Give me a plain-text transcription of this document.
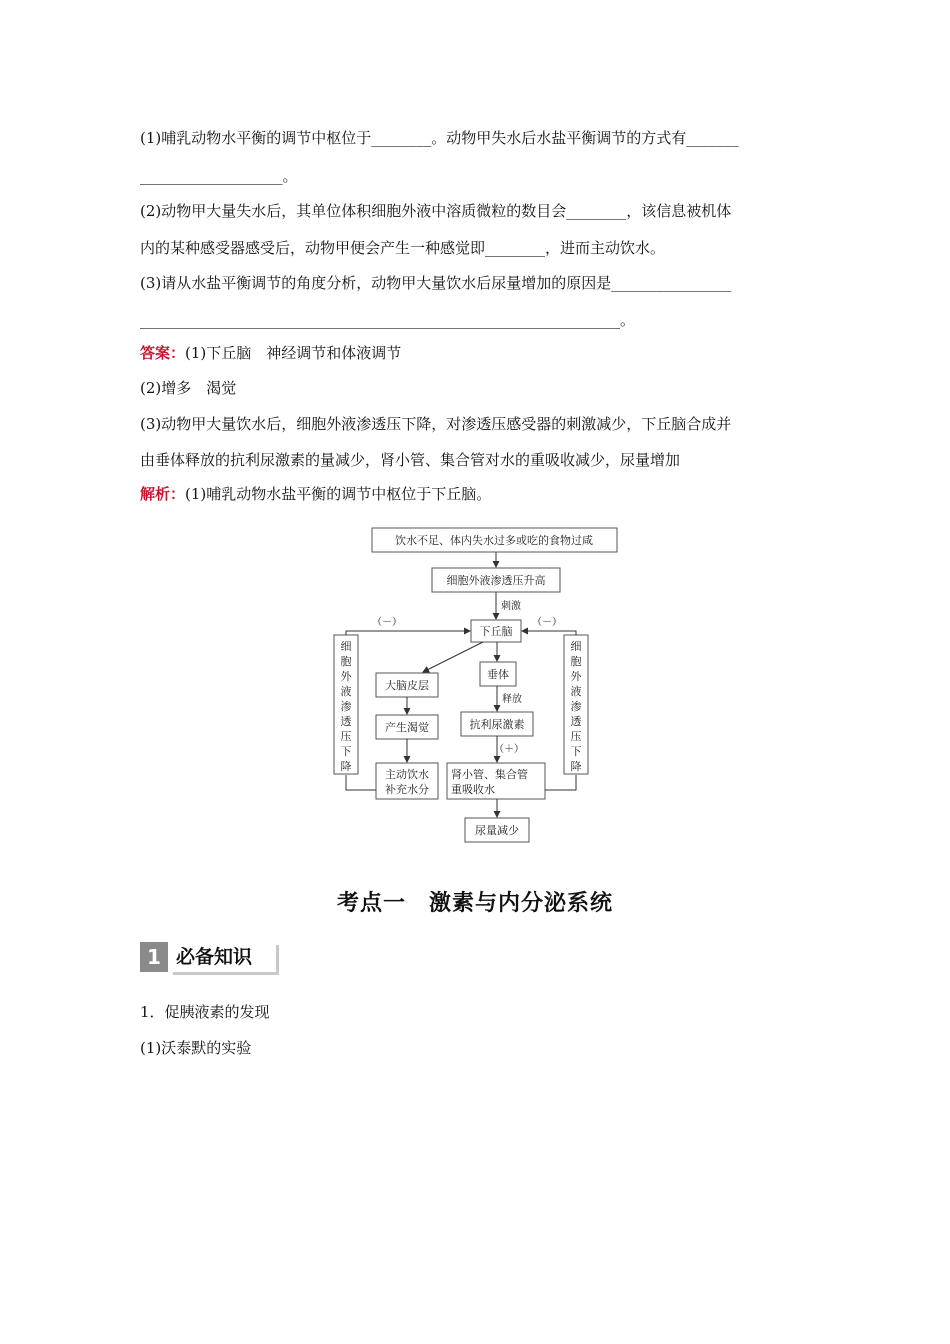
(1)哺乳动物水平衡的调节中枢位于________。动物甲失水后水盐平衡调节的方式有_______
___________________。
(2)动物甲大量失水后，其单位体积细胞外液中溶质微粒的数目会________，该信息被机体
内的某种感受器感受后，动物甲便会产生一种感觉即________，进而主动饮水。
(3)请从水盐平衡调节的角度分析，动物甲大量饮水后尿量增加的原因是________________
________________________________________________________________。
答案：(1)下丘脑　神经调节和体液调节
(2)增多　渴觉
(3)动物甲大量饮水后，细胞外液渗透压下降，对渗透压感受器的刺激减少，下丘脑合成并
由垂体释放的抗利尿激素的量减少，肾小管、集合管对水的重吸收减少，尿量增加
解析：(1)哺乳动物水盐平衡的调节中枢位于下丘脑。
饮水不足、体内失水过多或吃的食物过咸
细胞外液渗透压升高
刺激
下丘脑
（－）	（－）
大脑皮层
垂体
释放
产生渴觉	抗利尿激素
（＋）
主动饮水
补充水分
肾小管、集合管
重吸收水
尿量减少
细
胞
外
液
渗
透
压
下
降
细
胞
外
液
渗
透
压
下
降
考点一　激素与内分泌系统
必备知识
1
1．促胰液素的发现
(1)沃泰默的实验
